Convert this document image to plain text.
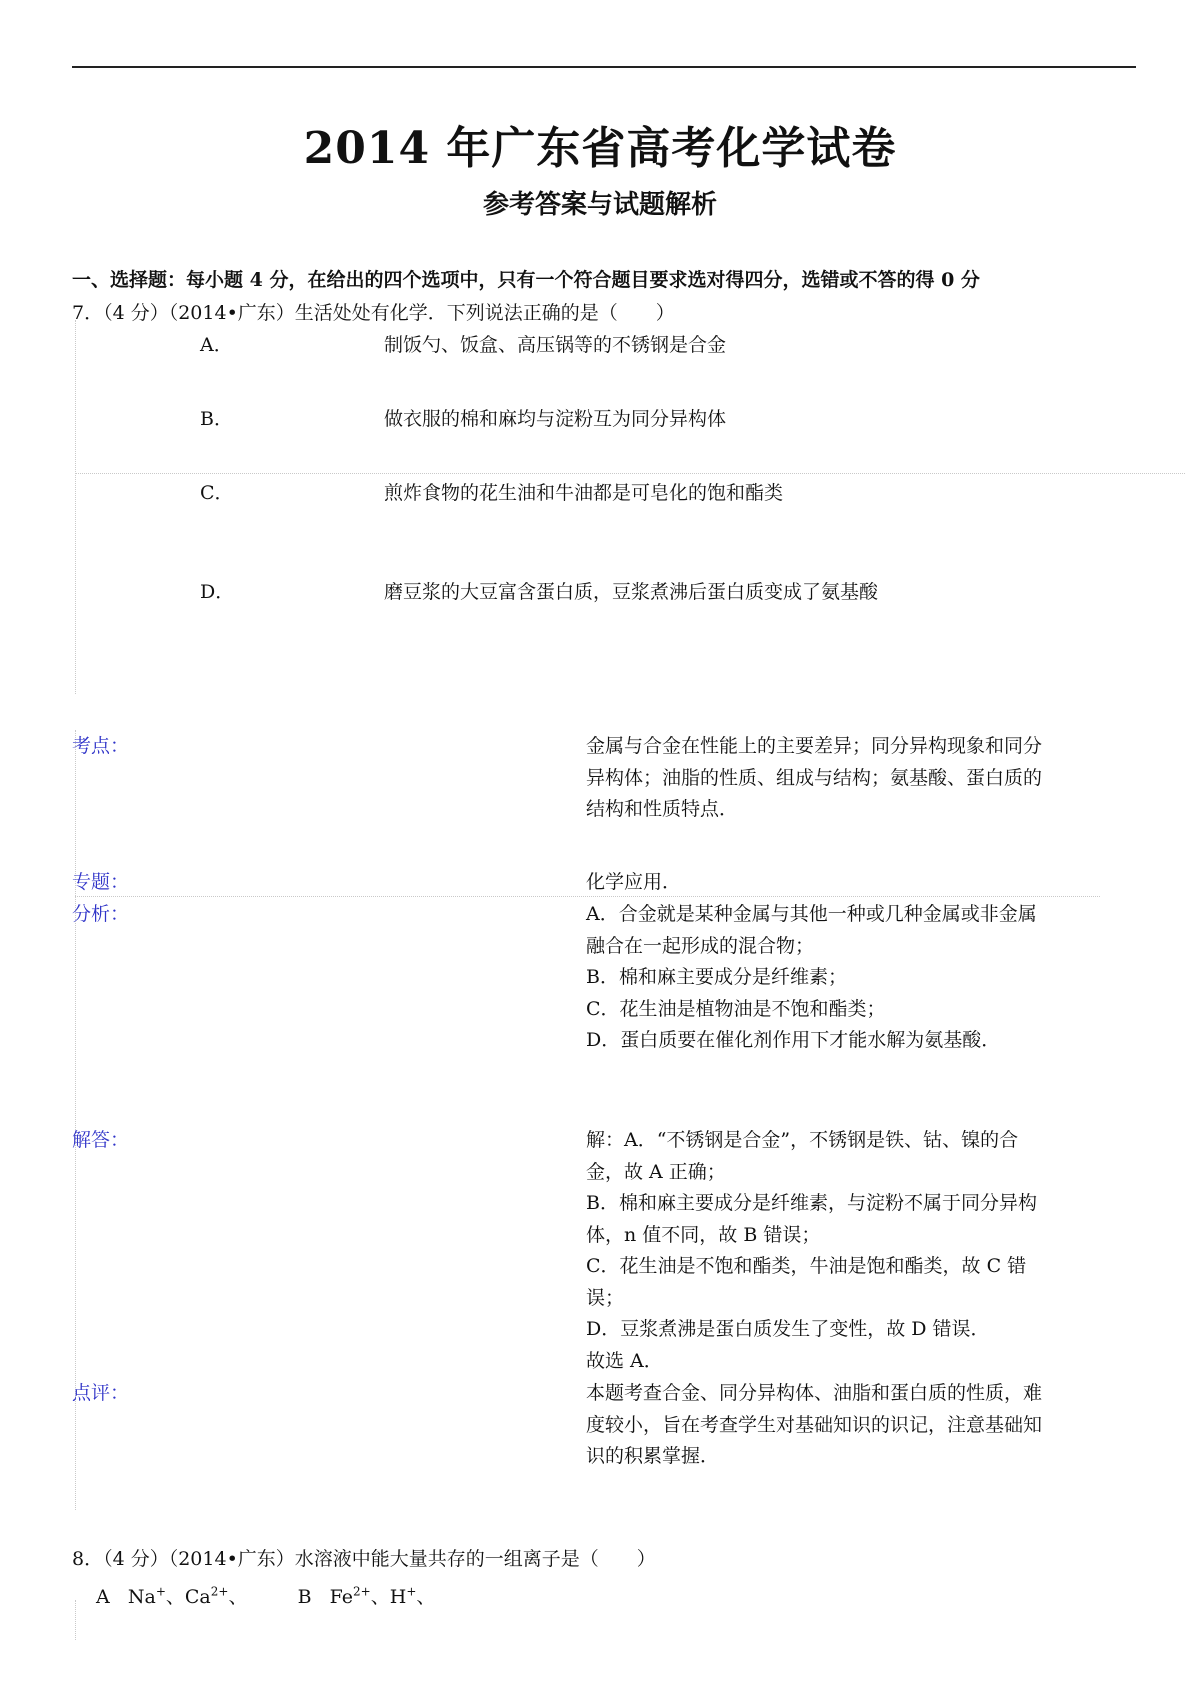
2014 年广东省高考化学试卷
参考答案与试题解析
一、选择题：每小题 4 分，在给出的四个选项中，只有一个符合题目要求选对得四分，选错或不答的得 0 分
7．（4 分）（2014•广东）生活处处有化学．下列说法正确的是（　　）
A．	制饭勺、饭盒、高压锅等的不锈钢是合金
B．	做衣服的棉和麻均与淀粉互为同分异构体
C．	煎炸食物的花生油和牛油都是可皂化的饱和酯类
D．	磨豆浆的大豆富含蛋白质，豆浆煮沸后蛋白质变成了氨基酸
考点：	金属与合金在性能上的主要差异；同分异构现象和同分
异构体；油脂的性质、组成与结构；氨基酸、蛋白质的
结构和性质特点．
专题：	化学应用．
分析：	A．合金就是某种金属与其他一种或几种金属或非金属
融合在一起形成的混合物；
B．棉和麻主要成分是纤维素；
C．花生油是植物油是不饱和酯类；
D．蛋白质要在催化剂作用下才能水解为氨基酸．
解答：	解：A．“不锈钢是合金”，不锈钢是铁、钴、镍的合
金，故 A 正确；
B．棉和麻主要成分是纤维素，与淀粉不属于同分异构
体，n 值不同，故 B 错误；
C．花生油是不饱和酯类，牛油是饱和酯类，故 C 错
误；
D．豆浆煮沸是蛋白质发生了变性，故 D 错误．
故选 A．
点评：	本题考查合金、同分异构体、油脂和蛋白质的性质，难
度较小，旨在考查学生对基础知识的识记，注意基础知
识的积累掌握．
8．（4 分）（2014•广东）水溶液中能大量共存的一组离子是（　　）
A Na+、$Ca^{2+}$、	B $Fe^{2+}$、H+、
